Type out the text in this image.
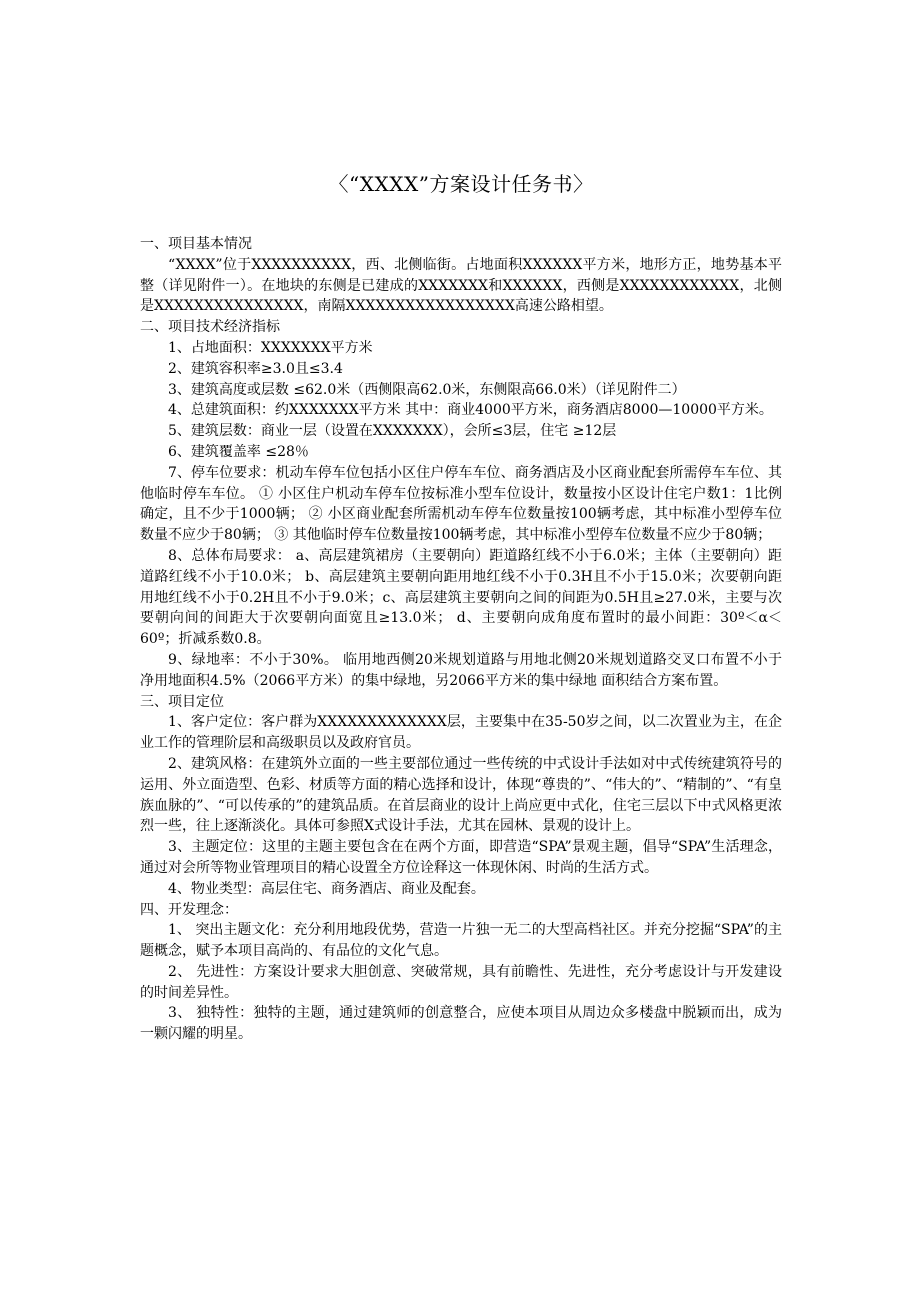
〈“XXXX”方案设计任务书〉

一、项目基本情况

“XXXX”位于XXXXXXXXXX，西、北侧临街。占地面积XXXXXX平方米，地形方正，地势基本平整（详见附件一）。在地块的东侧是已建成的XXXXXXX和XXXXXX，西侧是XXXXXXXXXXXX，北侧是XXXXXXXXXXXXXXX，南隔XXXXXXXXXXXXXXXXX高速公路相望。

二、项目技术经济指标

1、占地面积：XXXXXXX平方米

2、建筑容积率≥3.0且≤3.4

3、建筑高度或层数 ≤62.0米（西侧限高62.0米，东侧限高66.0米）（详见附件二）

4、总建筑面积：约XXXXXXX平方米 其中：商业4000平方米，商务酒店8000—10000平方米。

5、建筑层数：商业一层（设置在XXXXXXX），会所≤3层，住宅 ≥12层

6、建筑覆盖率 ≤28％

7、停车位要求：机动车停车位包括小区住户停车车位、商务酒店及小区商业配套所需停车车位、其他临时停车车位。 ① 小区住户机动车停车位按标准小型车位设计，数量按小区设计住宅户数1：1比例确定，且不少于1000辆； ② 小区商业配套所需机动车停车位数量按100辆考虑，其中标准小型停车位数量不应少于80辆； ③ 其他临时停车位数量按100辆考虑，其中标准小型停车位数量不应少于80辆；

8、总体布局要求： a、高层建筑裙房（主要朝向）距道路红线不小于6.0米；主体（主要朝向）距道路红线不小于10.0米； b、高层建筑主要朝向距用地红线不小于0.3H且不小于15.0米；次要朝向距用地红线不小于0.2H且不小于9.0米；c、高层建筑主要朝向之间的间距为0.5H且≥27.0米，主要与次要朝向间的间距大于次要朝向面宽且≥13.0米； d、主要朝向成角度布置时的最小间距：30º＜α＜60º；折减系数0.8。

9、绿地率：不小于30%。 临用地西侧20米规划道路与用地北侧20米规划道路交叉口布置不小于 净用地面积4.5%（2066平方米）的集中绿地，另2066平方米的集中绿地 面积结合方案布置。

三、项目定位

1、客户定位：客户群为XXXXXXXXXXXXX层，主要集中在35-50岁之间，以二次置业为主，在企业工作的管理阶层和高级职员以及政府官员。

2、建筑风格：在建筑外立面的一些主要部位通过一些传统的中式设计手法如对中式传统建筑符号的运用、外立面造型、色彩、材质等方面的精心选择和设计，体现“尊贵的”、“伟大的”、“精制的”、“有皇族血脉的”、“可以传承的”的建筑品质。在首层商业的设计上尚应更中式化，住宅三层以下中式风格更浓烈一些，往上逐渐淡化。具体可参照X式设计手法，尤其在园林、景观的设计上。

3、主题定位：这里的主题主要包含在在两个方面，即营造“SPA”景观主题，倡导“SPA”生活理念，通过对会所等物业管理项目的精心设置全方位诠释这一体现休闲、时尚的生活方式。

4、物业类型：高层住宅、商务酒店、商业及配套。

四、开发理念：

1、 突出主题文化：充分利用地段优势，营造一片独一无二的大型高档社区。并充分挖掘“SPA”的主题概念，赋予本项目高尚的、有品位的文化气息。

2、 先进性：方案设计要求大胆创意、突破常规，具有前瞻性、先进性，充分考虑设计与开发建设的时间差异性。

3、 独特性：独特的主题，通过建筑师的创意整合，应使本项目从周边众多楼盘中脱颖而出，成为一颗闪耀的明星。
